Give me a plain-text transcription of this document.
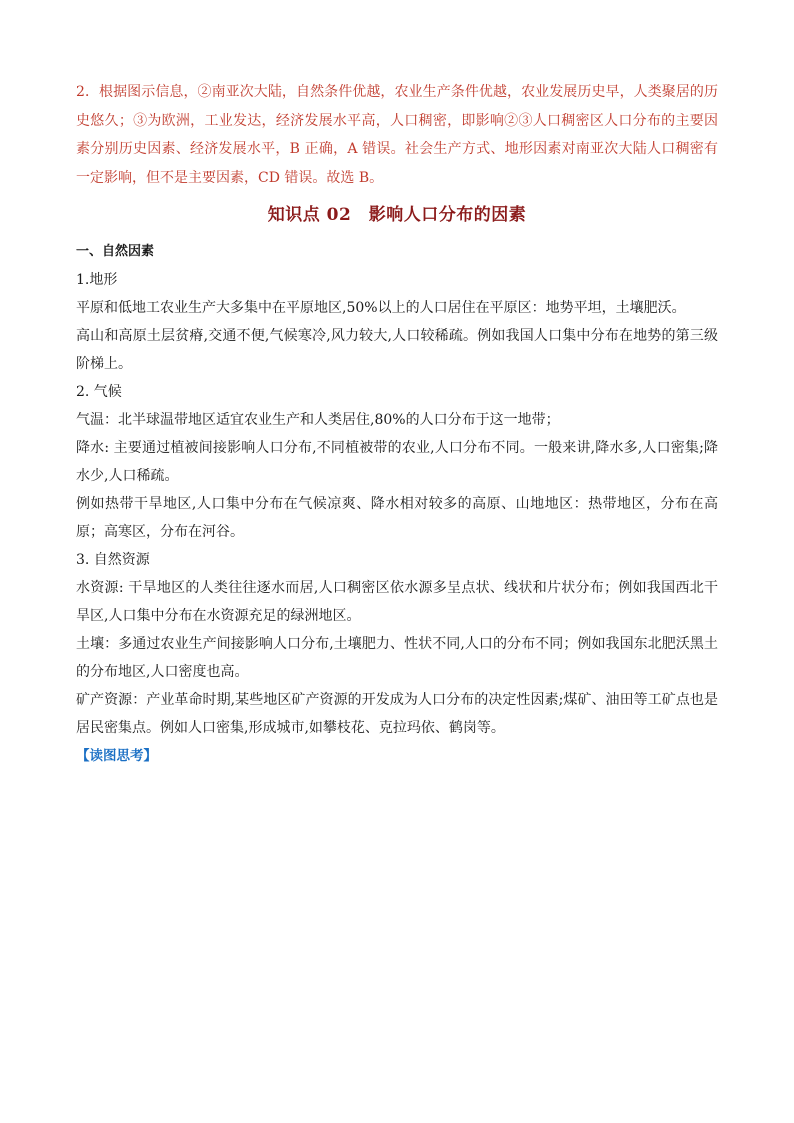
2．根据图示信息，②南亚次大陆，自然条件优越，农业生产条件优越，农业发展历史早，人类聚居的历史悠久；③为欧洲，工业发达，经济发展水平高，人口稠密，即影响②③人口稠密区人口分布的主要因素分别历史因素、经济发展水平，B 正确，A 错误。社会生产方式、地形因素对南亚次大陆人口稠密有一定影响，但不是主要因素，CD 错误。故选 B。

知识点 02　影响人口分布的因素

一、自然因素

1.地形

平原和低地工农业生产大多集中在平原地区,50%以上的人口居住在平原区：地势平坦，土壤肥沃。

高山和高原土层贫瘠,交通不便,气候寒冷,风力较大,人口较稀疏。例如我国人口集中分布在地势的第三级阶梯上。

2. 气候

气温：北半球温带地区适宜农业生产和人类居住,80%的人口分布于这一地带；

降水: 主要通过植被间接影响人口分布,不同植被带的农业,人口分布不同。一般来讲,降水多,人口密集;降水少,人口稀疏。

例如热带干旱地区,人口集中分布在气候凉爽、降水相对较多的高原、山地地区：热带地区，分布在高原；高寒区，分布在河谷。

3. 自然资源

水资源: 干旱地区的人类往往逐水而居,人口稠密区依水源多呈点状、线状和片状分布；例如我国西北干旱区,人口集中分布在水资源充足的绿洲地区。

土壤：多通过农业生产间接影响人口分布,土壤肥力、性状不同,人口的分布不同；例如我国东北肥沃黑土的分布地区,人口密度也高。

矿产资源：产业革命时期,某些地区矿产资源的开发成为人口分布的决定性因素;煤矿、油田等工矿点也是居民密集点。例如人口密集,形成城市,如攀枝花、克拉玛依、鹤岗等。

【读图思考】
